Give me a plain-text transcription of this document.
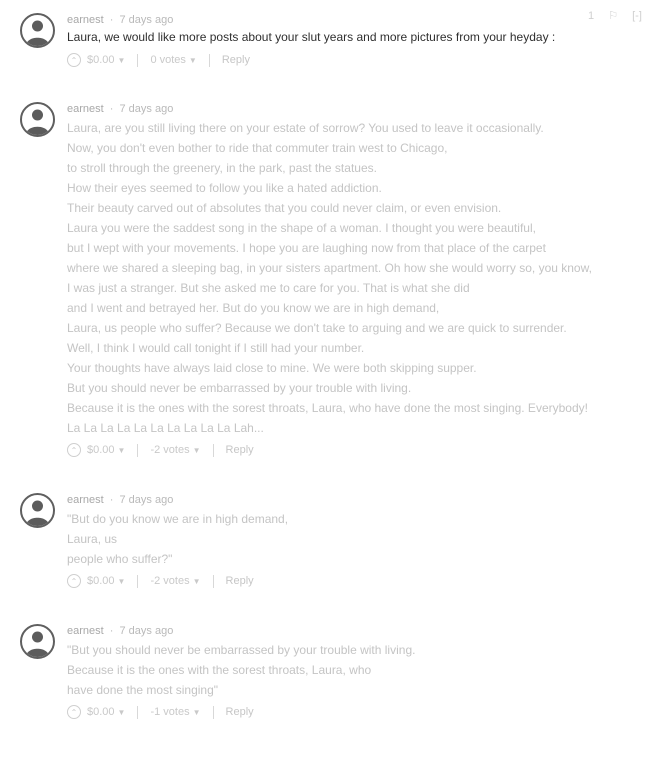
1 ⚐ [-]
earnest · 7 days ago

Laura, we would like more posts about your slut years and more pictures from your heyday :

⌃ $0.00 ▼ 0 votes ▼ Reply
earnest · 7 days ago

Laura, are you still living there on your estate of sorrow? You used to leave it occasionally.

Now, you don't even bother to ride that commuter train west to Chicago,

to stroll through the greenery, in the park, past the statues.

How their eyes seemed to follow you like a hated addiction.

Their beauty carved out of absolutes that you could never claim, or even envision.

Laura you were the saddest song in the shape of a woman. I thought you were beautiful,

but I wept with your movements. I hope you are laughing now from that place of the carpet

where we shared a sleeping bag, in your sisters apartment. Oh how she would worry so, you know,

I was just a stranger. But she asked me to care for you. That is what she did

and I went and betrayed her. But do you know we are in high demand,

Laura, us people who suffer? Because we don't take to arguing and we are quick to surrender.

Well, I think I would call tonight if I still had your number.

Your thoughts have always laid close to mine. We were both skipping supper.

But you should never be embarrassed by your trouble with living.

Because it is the ones with the sorest throats, Laura, who have done the most singing. Everybody!

La La La La La La La La La La Lah...

⌃ $0.00 ▼ -2 votes ▼ Reply
earnest · 7 days ago

"But do you know we are in high demand,

Laura, us

people who suffer?"

⌃ $0.00 ▼ -2 votes ▼ Reply
earnest · 7 days ago

"But you should never be embarrassed by your trouble with living.

Because it is the ones with the sorest throats, Laura, who

have done the most singing"

⌃ $0.00 ▼ -1 votes ▼ Reply
